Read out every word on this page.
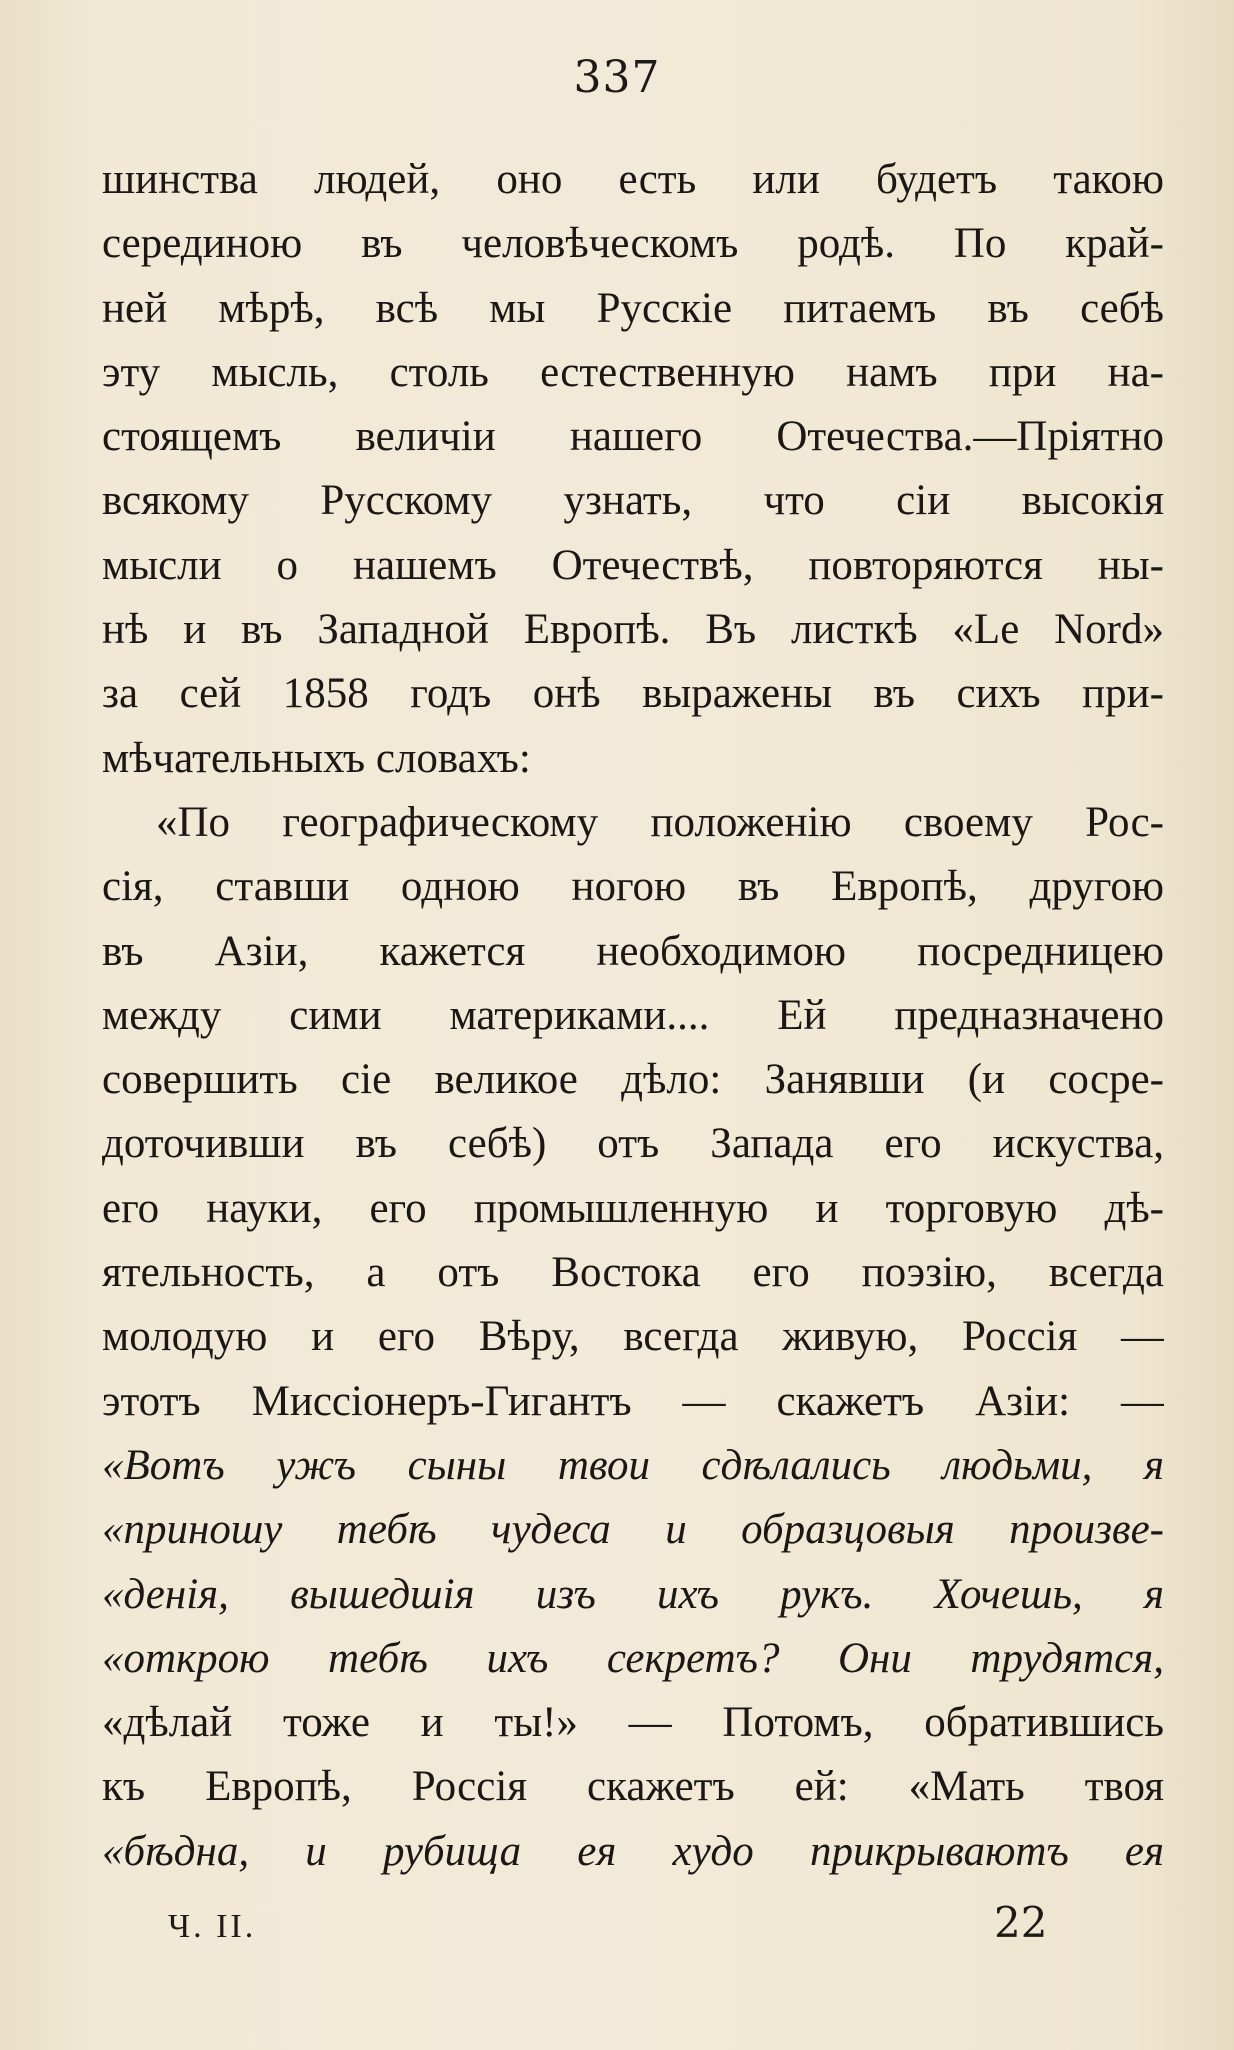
337
шинства людей, оно есть или будетъ такою
серединою въ человѣческомъ родѣ. По край-
ней мѣрѣ, всѣ мы Русскіе питаемъ въ себѣ
эту мысль, столь естественную намъ при на-
стоящемъ величіи нашего Отечества.—Пріятно
всякому Русскому узнать, что сіи высокія
мысли о нашемъ Отечествѣ, повторяются ны-
нѣ и въ Западной Европѣ. Въ листкѣ «Le Nord»
за сей 1858 годъ онѣ выражены въ сихъ при-
мѣчательныхъ словахъ:
«По географическому положенію своему Рос-
сія, ставши одною ногою въ Европѣ, другою
въ Азіи, кажется необходимою посредницею
между сими материками.... Ей предназначено
совершить сіе великое дѣло: Занявши (и сосре-
доточивши въ себѣ) отъ Запада его искуства,
его науки, его промышленную и торговую дѣ-
ятельность, а отъ Востока его поэзію, всегда
молодую и его Вѣру, всегда живую, Россія —
этотъ Миссіонеръ-Гигантъ — скажетъ Азіи: —
«Вотъ ужъ сыны твои сдѣлались людьми, я
«приношу тебѣ чудеса и образцовыя произве-
«денія, вышедшія изъ ихъ рукъ. Хочешь, я
«открою тебѣ ихъ секретъ? Они трудятся,
«дѣлай тоже и ты!» — Потомъ, обратившись
къ Европѣ, Россія скажетъ ей: «Мать твоя
«бѣдна, и рубища ея худо прикрываютъ ея
Ч. II.	22
